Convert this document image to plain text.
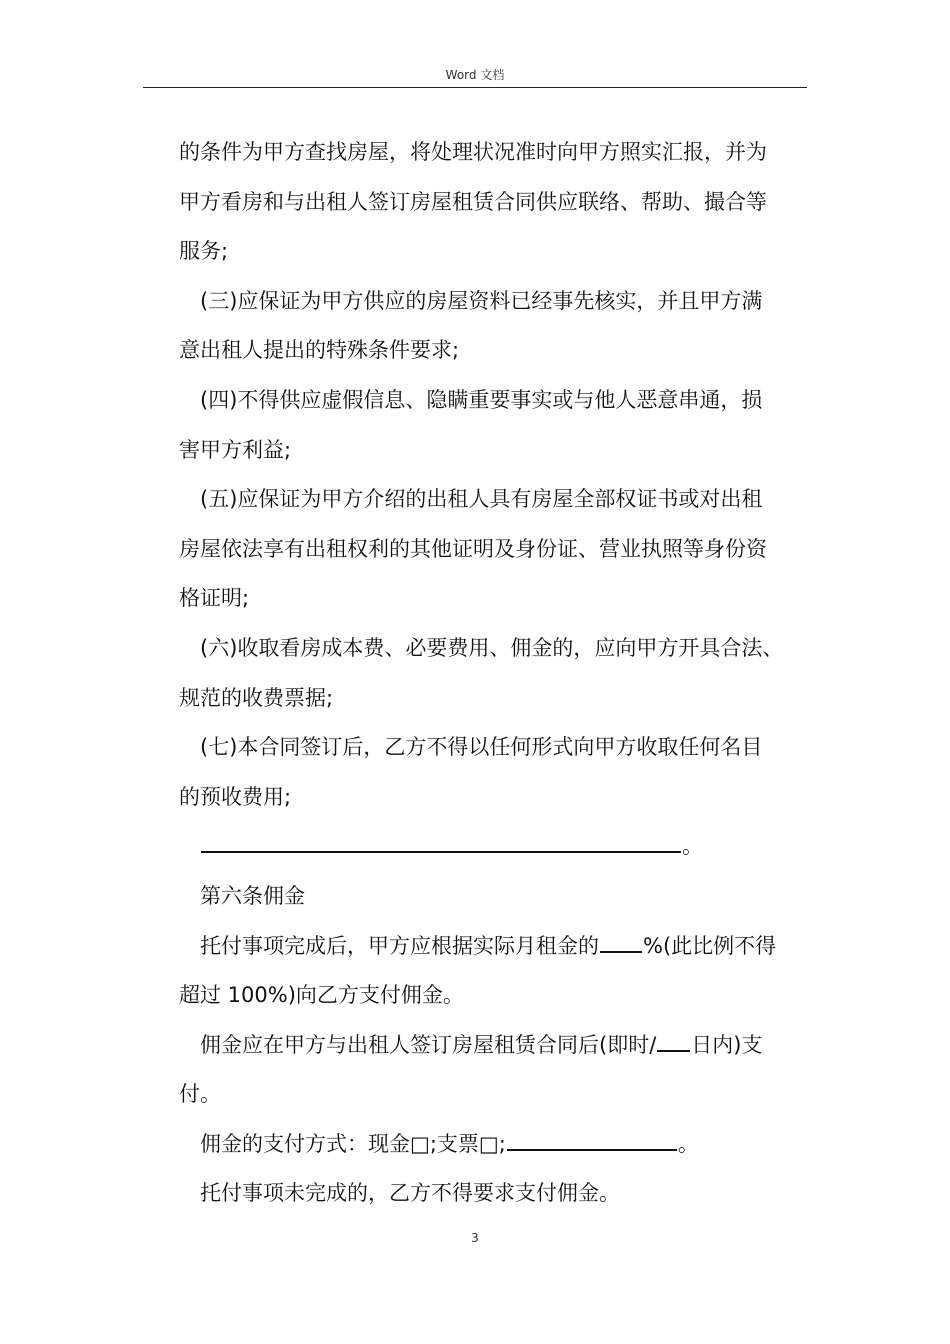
Word 文档
的条件为甲方查找房屋，将处理状况准时向甲方照实汇报，并为
甲方看房和与出租人签订房屋租赁合同供应联络、帮助、撮合等
服务;
(三)应保证为甲方供应的房屋资料已经事先核实，并且甲方满
意出租人提出的特殊条件要求;
(四)不得供应虚假信息、隐瞒重要事实或与他人恶意串通，损
害甲方利益;
(五)应保证为甲方介绍的出租人具有房屋全部权证书或对出租
房屋依法享有出租权利的其他证明及身份证、营业执照等身份资
格证明;
(六)收取看房成本费、必要费用、佣金的，应向甲方开具合法、
规范的收费票据;
(七)本合同签订后，乙方不得以任何形式向甲方收取任何名目
的预收费用;
。
第六条佣金
托付事项完成后，甲方应根据实际月租金的 %(此比例不得
超过 100%)向乙方支付佣金。
佣金应在甲方与出租人签订房屋租赁合同后(即时/ 日内)支
付。
佣金的支付方式：现金□;支票□;	。
托付事项未完成的，乙方不得要求支付佣金。
3
